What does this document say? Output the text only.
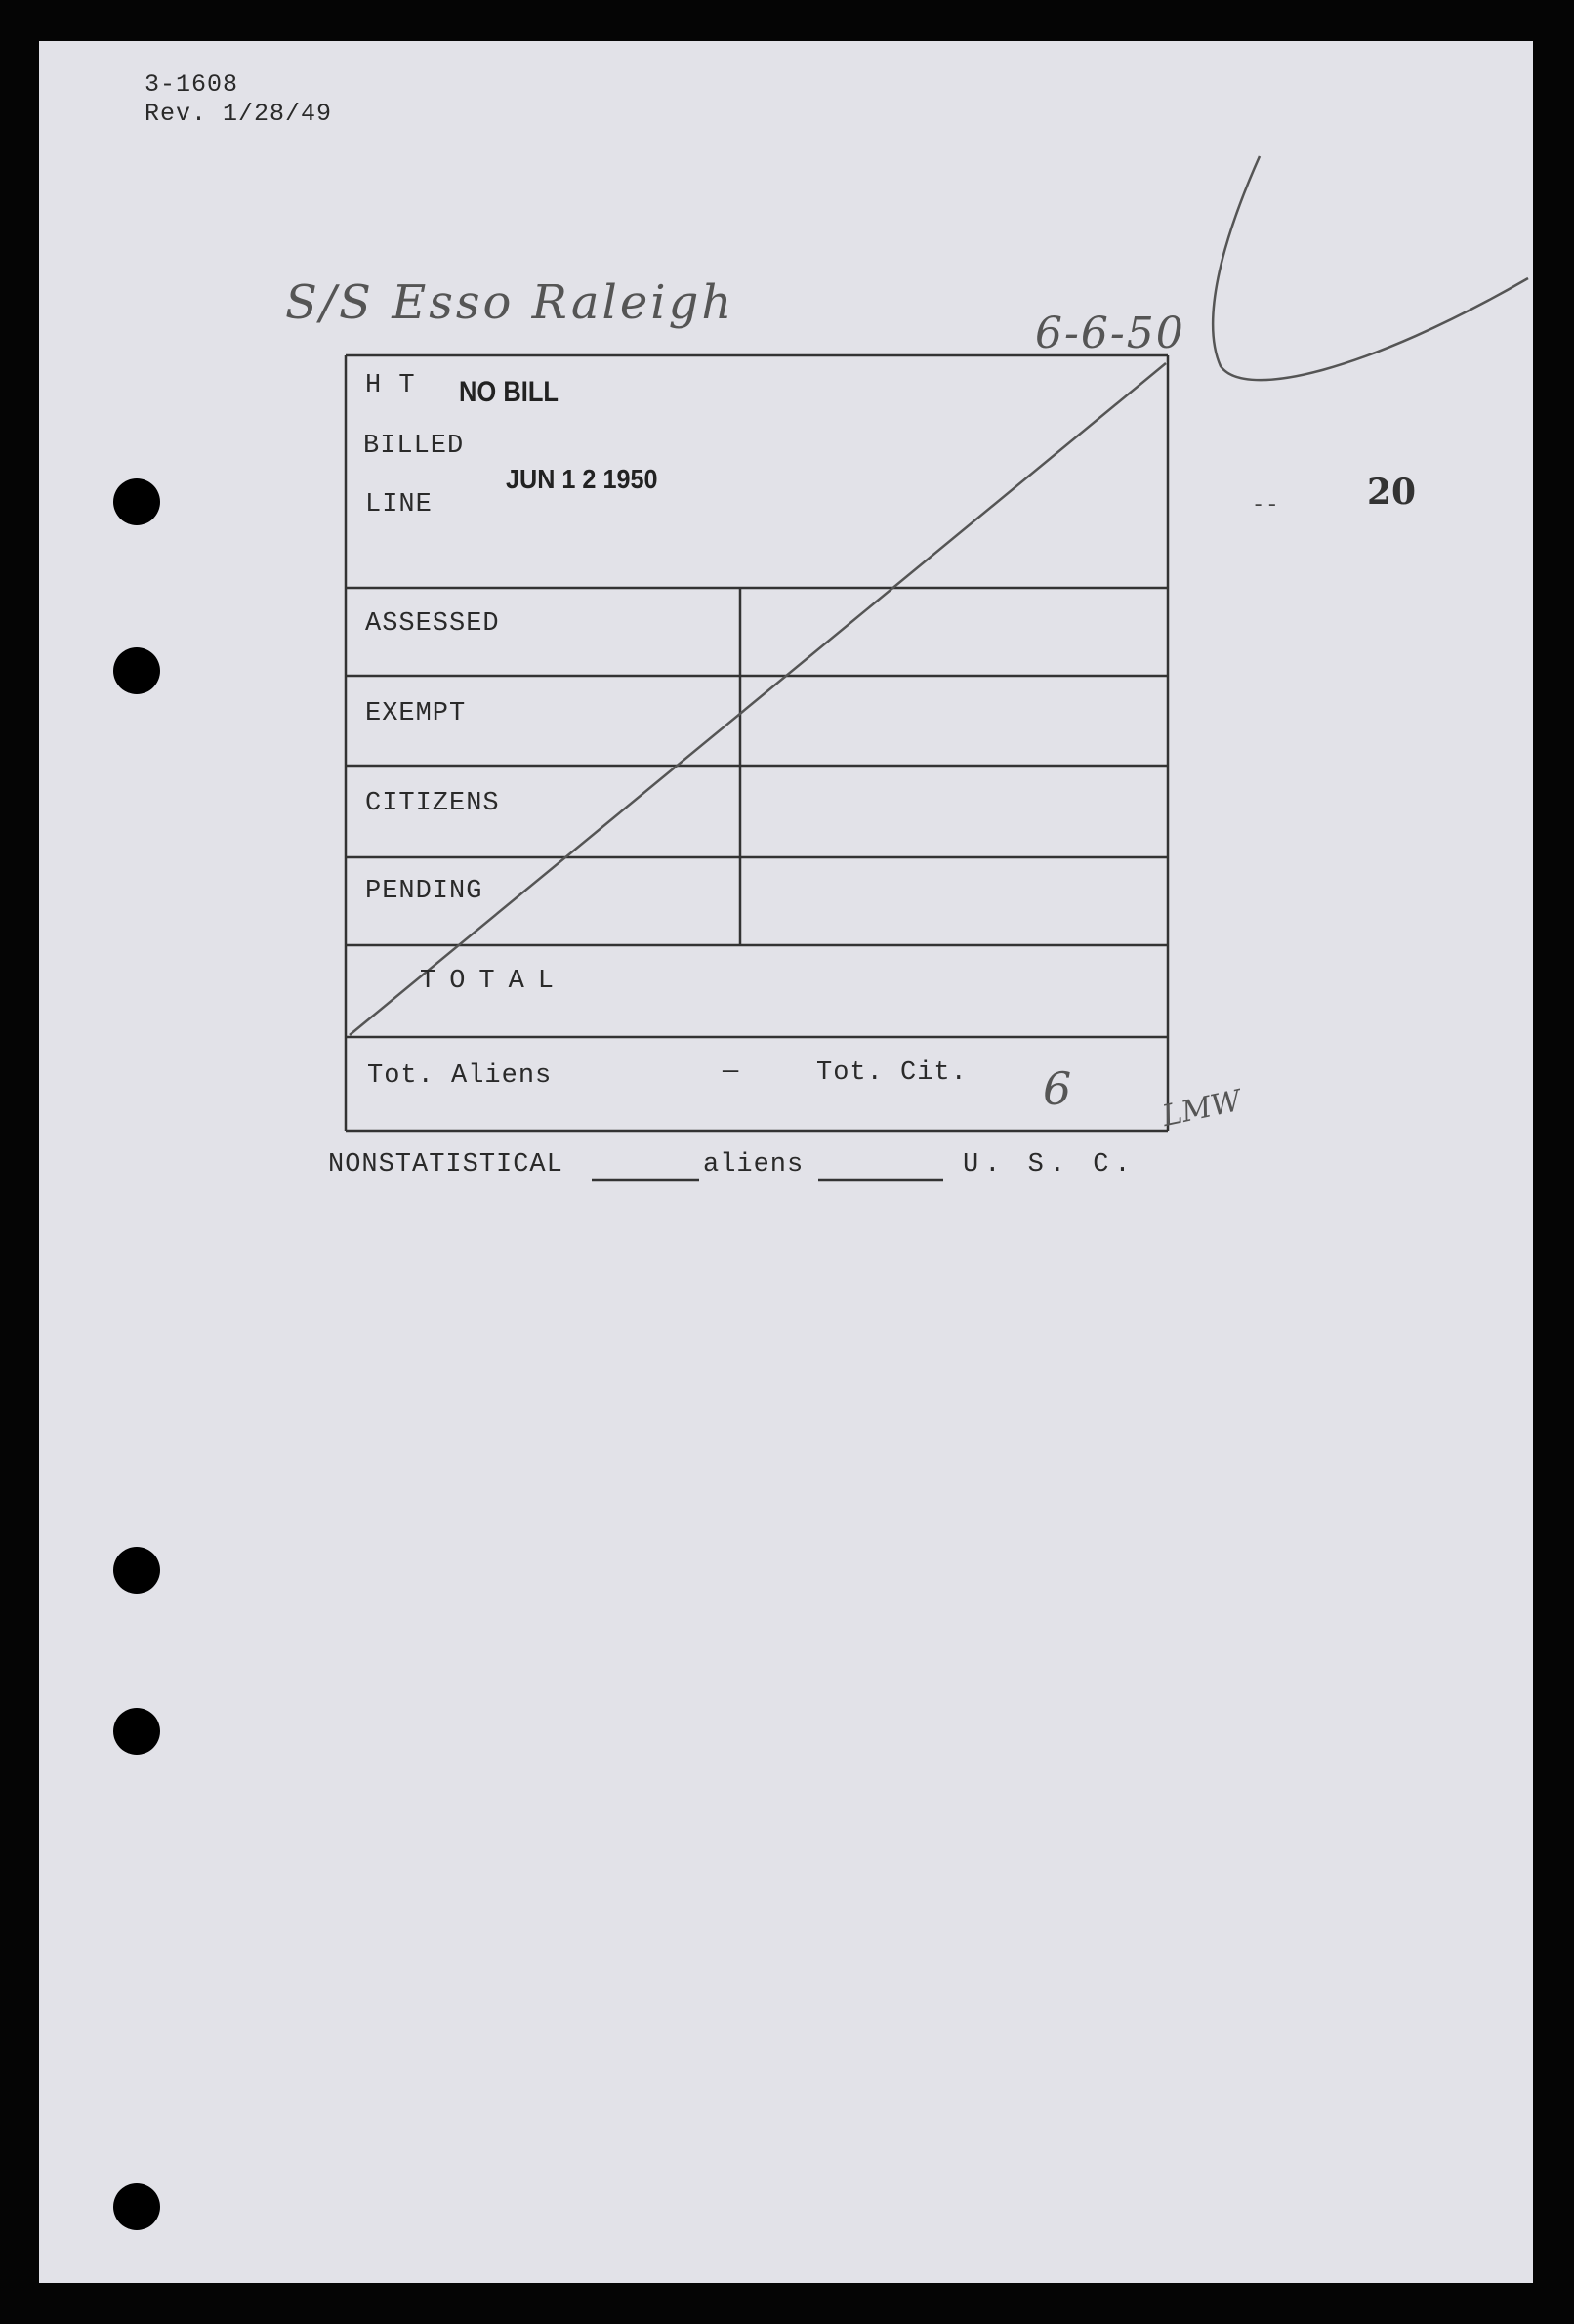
3-1608
Rev. 1/28/49
S/S Esso Raleigh
6-6-50
-- 20
NO BILL
JUN 1 2 1950
H T
BILLED
LINE
ASSESSED
EXEMPT
CITIZENS
PENDING
TOTAL
Tot. Aliens	—	Tot. Cit. 6	LMW
NONSTATISTICAL	aliens	U. S. C.
